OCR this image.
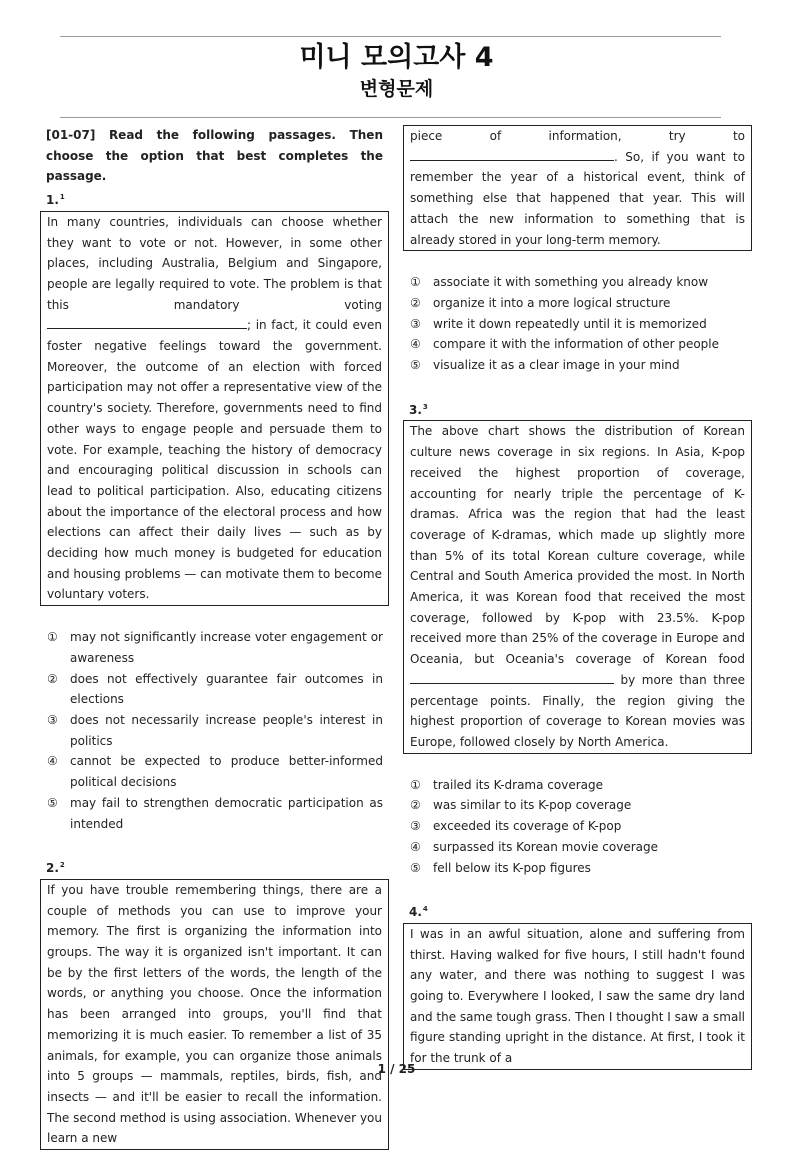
미니 모의고사 4
변형문제
[01-07] Read the following passages. Then choose the option that best completes the passage.
1.$^1$
In many countries, individuals can choose whether they want to vote or not. However, in some other places, including Australia, Belgium and Singapore, people are legally required to vote. The problem is that this mandatory voting ; in fact, it could even foster negative feelings toward the government. Moreover, the outcome of an election with forced participation may not offer a representative view of the country's society. Therefore, governments need to find other ways to engage people and persuade them to vote. For example, teaching the history of democracy and encouraging political discussion in schools can lead to political participation. Also, educating citizens about the importance of the electoral process and how elections can affect their daily lives — such as by deciding how much money is budgeted for education and housing problems — can motivate them to become voluntary voters.
① may not significantly increase voter engagement or awareness
② does not effectively guarantee fair outcomes in elections
③ does not necessarily increase people's interest in politics
④ cannot be expected to produce better-informed political decisions
⑤ may fail to strengthen democratic participation as intended
2.$^2$
If you have trouble remembering things, there are a couple of methods you can use to improve your memory. The first is organizing the information into groups. The way it is organized isn't important. It can be by the first letters of the words, the length of the words, or anything you choose. Once the information has been arranged into groups, you'll find that memorizing it is much easier. To remember a list of 35 animals, for example, you can organize those animals into 5 groups — mammals, reptiles, birds, fish, and insects — and it'll be easier to recall the information. The second method is using association. Whenever you learn a new
piece of information, try to
. So, if you want to remember the year of a historical event, think of something else that happened that year. This will attach the new information to something that is already stored in your long-term memory.
① associate it with something you already know
② organize it into a more logical structure
③ write it down repeatedly until it is memorized
④ compare it with the information of other people
⑤ visualize it as a clear image in your mind
3.$^3$
The above chart shows the distribution of Korean culture news coverage in six regions. In Asia, K-pop received the highest proportion of coverage, accounting for nearly triple the percentage of K-dramas. Africa was the region that had the least coverage of K-dramas, which made up slightly more than 5% of its total Korean culture coverage, while Central and South America provided the most. In North America, it was Korean food that received the most coverage, followed by K-pop with 23.5%. K-pop received more than 25% of the coverage in Europe and Oceania, but Oceania's coverage of Korean food  by more than three percentage points. Finally, the region giving the highest proportion of coverage to Korean movies was Europe, followed closely by North America.
① trailed its K-drama coverage
② was similar to its K-pop coverage
③ exceeded its coverage of K-pop
④ surpassed its Korean movie coverage
⑤ fell below its K-pop figures
4.$^4$
I was in an awful situation, alone and suffering from thirst. Having walked for five hours, I still hadn't found any water, and there was nothing to suggest I was going to. Everywhere I looked, I saw the same dry land and the same tough grass. Then I thought I saw a small figure standing upright in the distance. At first, I took it for the trunk of a
1 / 25
